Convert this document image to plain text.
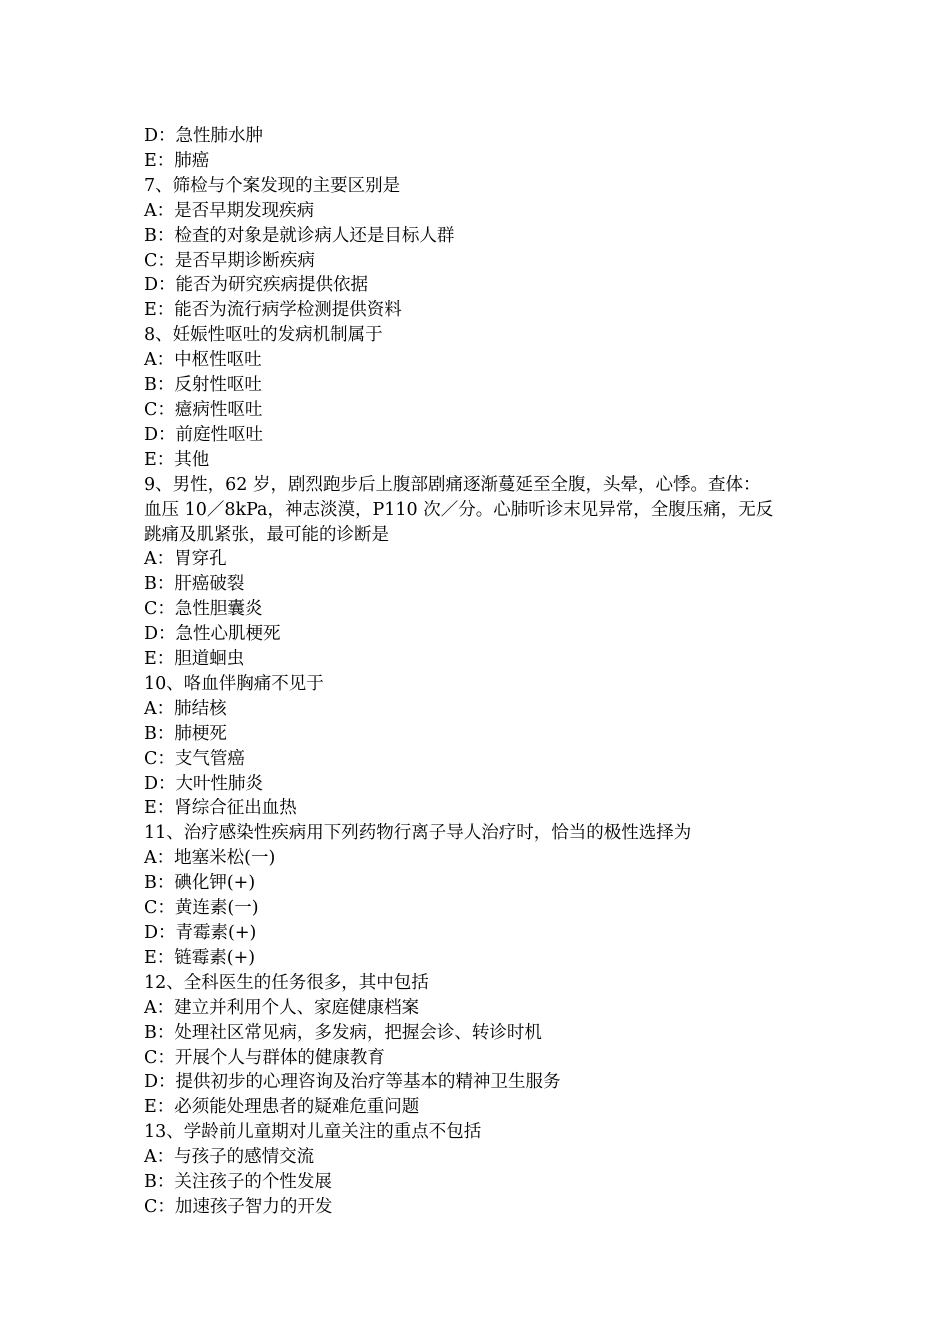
D：急性肺水肿
E：肺癌
7、筛检与个案发现的主要区别是
A：是否早期发现疾病
B：检查的对象是就诊病人还是目标人群
C：是否早期诊断疾病
D：能否为研究疾病提供依据
E：能否为流行病学检测提供资料
8、妊娠性呕吐的发病机制属于
A：中枢性呕吐
B：反射性呕吐
C：癔病性呕吐
D：前庭性呕吐
E：其他
9、男性，62 岁，剧烈跑步后上腹部剧痛逐渐蔓延至全腹，头晕，心悸。查体：
血压 10／8kPa，神志淡漠，P110 次／分。心肺听诊末见异常，全腹压痛，无反
跳痛及肌紧张，最可能的诊断是
A：胃穿孔
B：肝癌破裂
C：急性胆囊炎
D：急性心肌梗死
E：胆道蛔虫
10、咯血伴胸痛不见于
A：肺结核
B：肺梗死
C：支气管癌
D：大叶性肺炎
E：肾综合征出血热
11、治疗感染性疾病用下列药物行离子导人治疗时，恰当的极性选择为
A：地塞米松(一)
B：碘化钾(+)
C：黄连素(一)
D：青霉素(+)
E：链霉素(+)
12、全科医生的任务很多，其中包括
A：建立并利用个人、家庭健康档案
B：处理社区常见病，多发病，把握会诊、转诊时机
C：开展个人与群体的健康教育
D：提供初步的心理咨询及治疗等基本的精神卫生服务
E：必须能处理患者的疑难危重问题
13、学龄前儿童期对儿童关注的重点不包括
A：与孩子的感情交流
B：关注孩子的个性发展
C：加速孩子智力的开发
